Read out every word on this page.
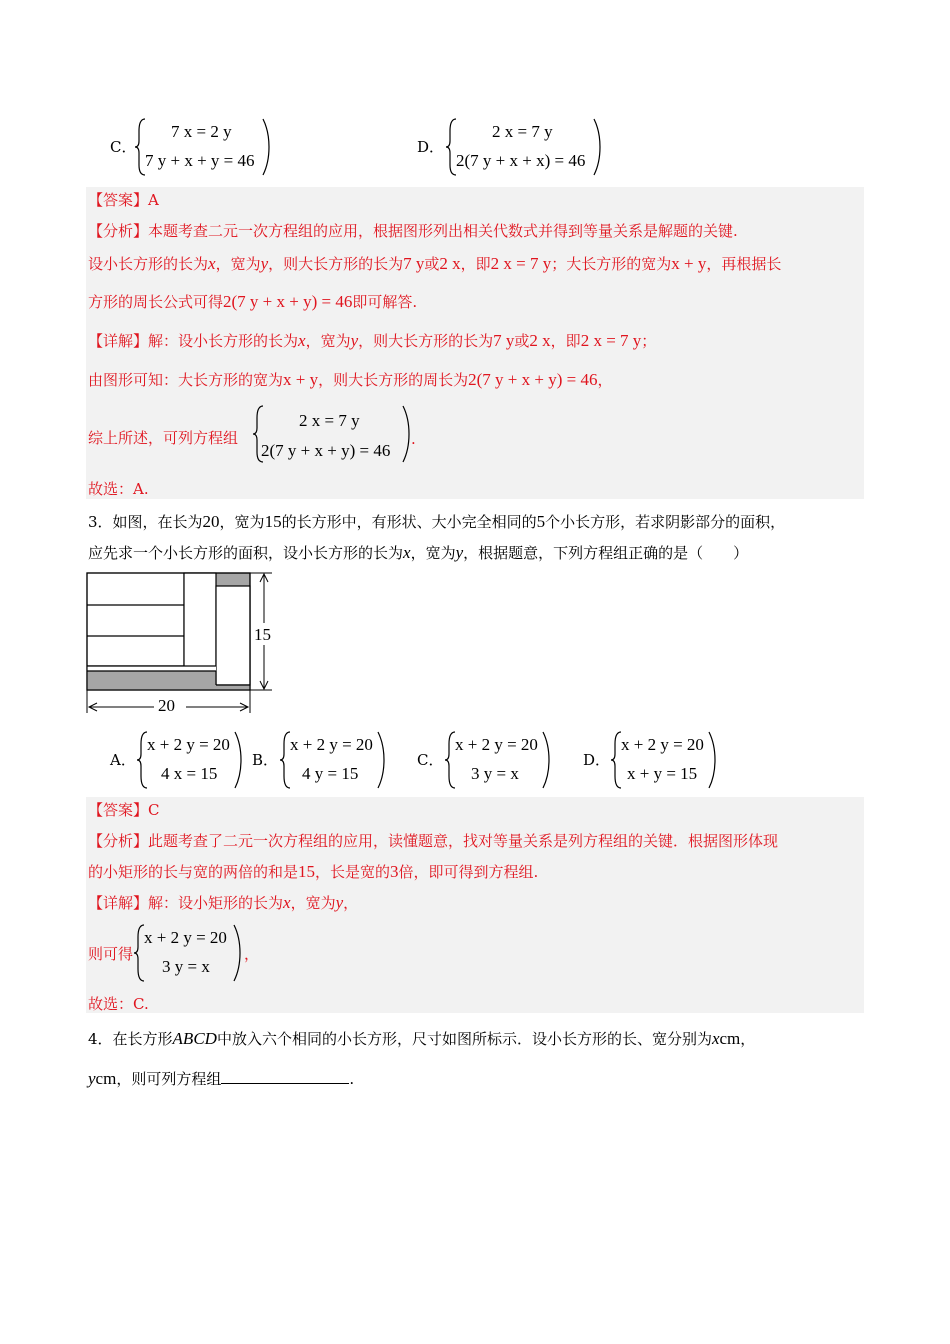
C．
7 x = 2 y
7 y + x + y = 46
D．
2 x = 7 y
2(7 y + x + x) = 46
【答案】A
【分析】本题考查二元一次方程组的应用，根据图形列出相关代数式并得到等量关系是解题的关键.
设小长方形的长为x，宽为y，则大长方形的长为7 y或2 x，即2 x = 7 y；大长方形的宽为x + y，再根据长
方形的周长公式可得2(7 y + x + y) = 46即可解答.
【详解】解：设小长方形的长为x，宽为y，则大长方形的长为7 y或2 x，即2 x = 7 y；
由图形可知：大长方形的宽为x + y，则大长方形的周长为2(7 y + x + y) = 46，
综上所述，可列方程组
2 x = 7 y
2(7 y + x + y) = 46
.
故选：A.
3．如图，在长为20，宽为15的长方形中，有形状、大小完全相同的5个小长方形，若求阴影部分的面积，
应先求一个小长方形的面积，设小长方形的长为x，宽为y，根据题意，下列方程组正确的是（　　）
20
15
A．
x + 2 y = 20
4 x = 15
B．
x + 2 y = 20
4 y = 15
C．
x + 2 y = 20
3 y = x
D．
x + 2 y = 20
x + y = 15
【答案】C
【分析】此题考查了二元一次方程组的应用，读懂题意，找对等量关系是列方程组的关键．根据图形体现
的小矩形的长与宽的两倍的和是15，长是宽的3倍，即可得到方程组.
【详解】解：设小矩形的长为x，宽为y，
则可得
x + 2 y = 20
3 y = x
，
故选：C.
4．在长方形ABCD中放入六个相同的小长方形，尺寸如图所标示．设小长方形的长、宽分别为xcm，
ycm，则可列方程组	.
